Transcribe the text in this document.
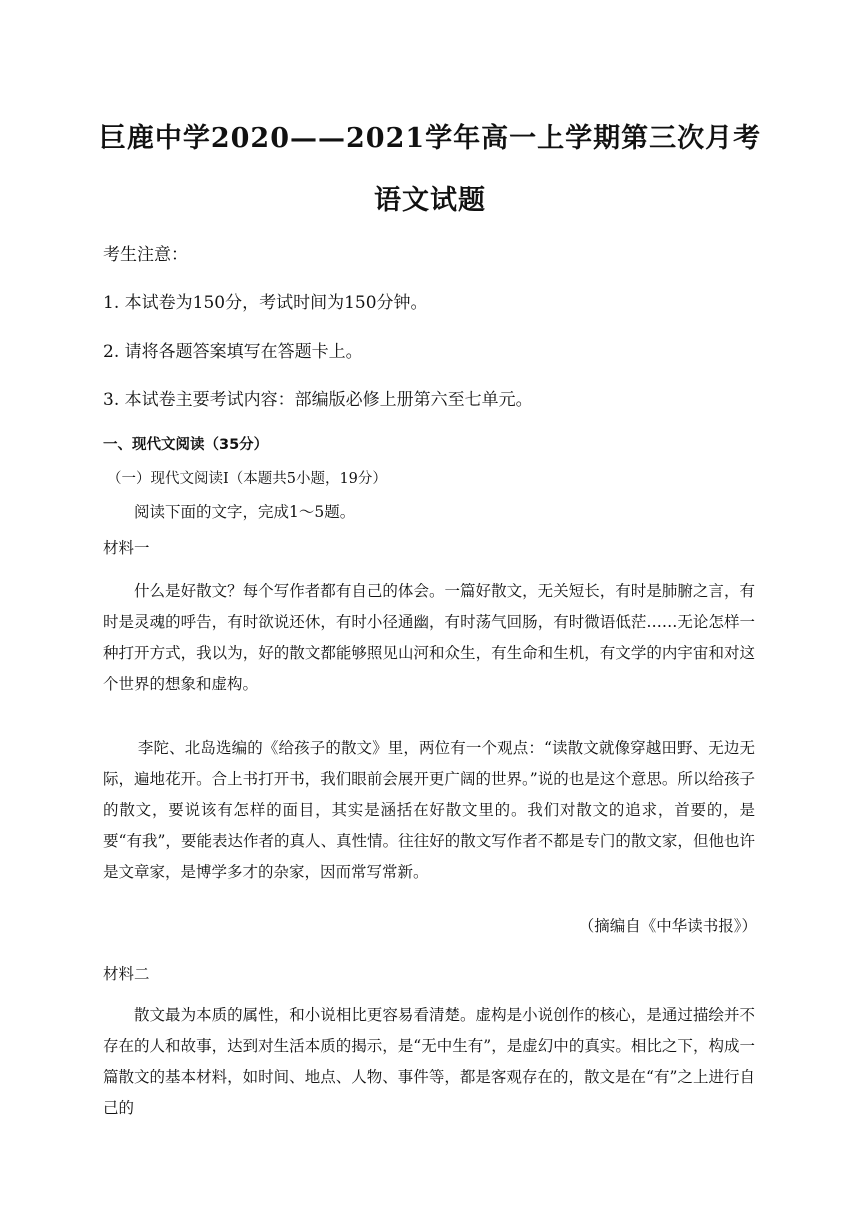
巨鹿中学2020——2021学年高一上学期第三次月考
语文试题

考生注意：

1. 本试卷为150分，考试时间为150分钟。

2. 请将各题答案填写在答题卡上。

3. 本试卷主要考试内容：部编版必修上册第六至七单元。

一、现代文阅读（35分）

（一）现代文阅读Ⅰ（本题共5小题，19分）

阅读下面的文字，完成1～5题。

材料一

什么是好散文？每个写作者都有自己的体会。一篇好散文，无关短长，有时是肺腑之言，有时是灵魂的呼告，有时欲说还休，有时小径通幽，有时荡气回肠，有时微语低茫……无论怎样一种打开方式，我以为，好的散文都能够照见山河和众生，有生命和生机，有文学的内宇宙和对这个世界的想象和虚构。

李陀、北岛选编的《给孩子的散文》里，两位有一个观点：“读散文就像穿越田野、无边无际，遍地花开。合上书打开书，我们眼前会展开更广阔的世界。”说的也是这个意思。所以给孩子的散文，要说该有怎样的面目，其实是涵括在好散文里的。我们对散文的追求，首要的，是要“有我”，要能表达作者的真人、真性情。往往好的散文写作者不都是专门的散文家，但他也许是文章家，是博学多才的杂家，因而常写常新。

（摘编自《中华读书报》）

材料二

散文最为本质的属性，和小说相比更容易看清楚。虚构是小说创作的核心，是通过描绘并不存在的人和故事，达到对生活本质的揭示，是“无中生有”，是虚幻中的真实。相比之下，构成一篇散文的基本材料，如时间、地点、人物、事件等，都是客观存在的，散文是在“有”之上进行自己的
